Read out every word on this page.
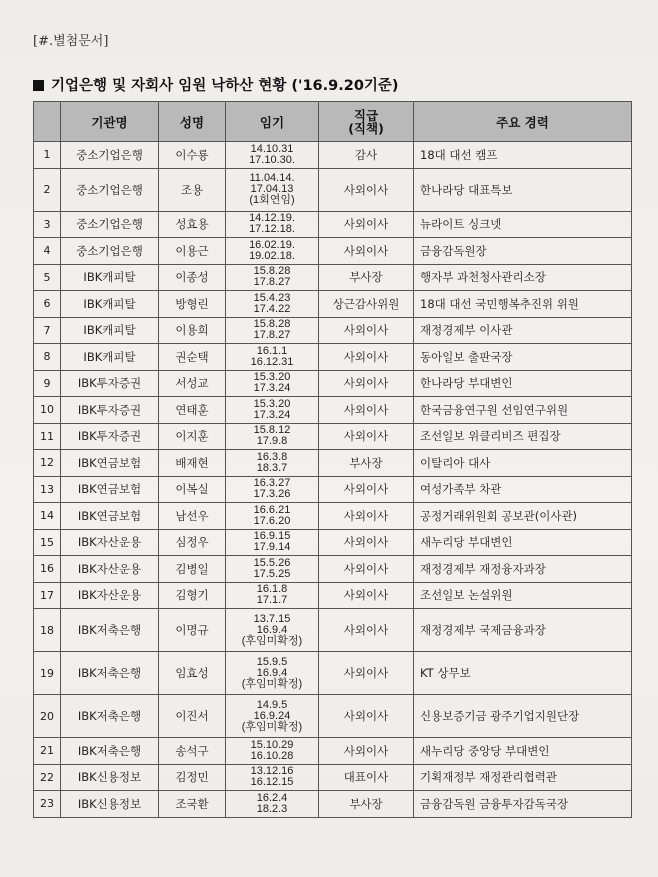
[#.별첨문서]
기업은행 및 자회사 임원 낙하산 현황 ('16.9.20기준)
	기관명	성명	임기	직급
(직책)	주요 경력
1	중소기업은행	이수룡	14.10.31
17.10.30.	감사	18대 대선 캠프
2	중소기업은행	조용	11.04.14.
17.04.13
(1회연임)	사외이사	한나라당 대표특보
3	중소기업은행	성효용	14.12.19.
17.12.18.	사외이사	뉴라이트 싱크넷
4	중소기업은행	이용근	16.02.19.
19.02.18.	사외이사	금융감독원장
5	IBK캐피탈	이종성	15.8.28
17.8.27	부사장	행자부 과천청사관리소장
6	IBK캐피탈	방형린	15.4.23
17.4.22	상근감사위원	18대 대선 국민행복추진위 위원
7	IBK캐피탈	이용희	15.8.28
17.8.27	사외이사	재정경제부 이사관
8	IBK캐피탈	권순택	16.1.1
16.12.31	사외이사	동아일보 출판국장
9	IBK투자증권	서성교	15.3.20
17.3.24	사외이사	한나라당 부대변인
10	IBK투자증권	연태훈	15.3.20
17.3.24	사외이사	한국금융연구원 선임연구위원
11	IBK투자증권	이지훈	15.8.12
17.9.8	사외이사	조선일보 위클리비즈 편집장
12	IBK연금보험	배재현	16.3.8
18.3.7	부사장	이탈리아 대사
13	IBK연금보험	이복실	16.3.27
17.3.26	사외이사	여성가족부 차관
14	IBK연금보험	남선우	16.6.21
17.6.20	사외이사	공정거래위원회 공보관(이사관)
15	IBK자산운용	심정우	16.9.15
17.9.14	사외이사	새누리당 부대변인
16	IBK자산운용	김병일	15.5.26
17.5.25	사외이사	재정경제부 재정융자과장
17	IBK자산운용	김형기	16.1.8
17.1.7	사외이사	조선일보 논설위원
18	IBK저축은행	이명규	13.7.15
16.9.4
(후임미확정)	사외이사	재정경제부 국제금융과장
19	IBK저축은행	임효성	15.9.5
16.9.4
(후임미확정)	사외이사	KT 상무보
20	IBK저축은행	이진서	14.9.5
16.9.24
(후임미확정)	사외이사	신용보증기금 광주기업지원단장
21	IBK저축은행	송석구	15.10.29
16.10.28	사외이사	새누리당 중앙당 부대변인
22	IBK신용정보	김정민	13.12.16
16.12.15	대표이사	기획재정부 재정관리협력관
23	IBK신용정보	조국환	16.2.4
18.2.3	부사장	금융감독원 금융투자감독국장
